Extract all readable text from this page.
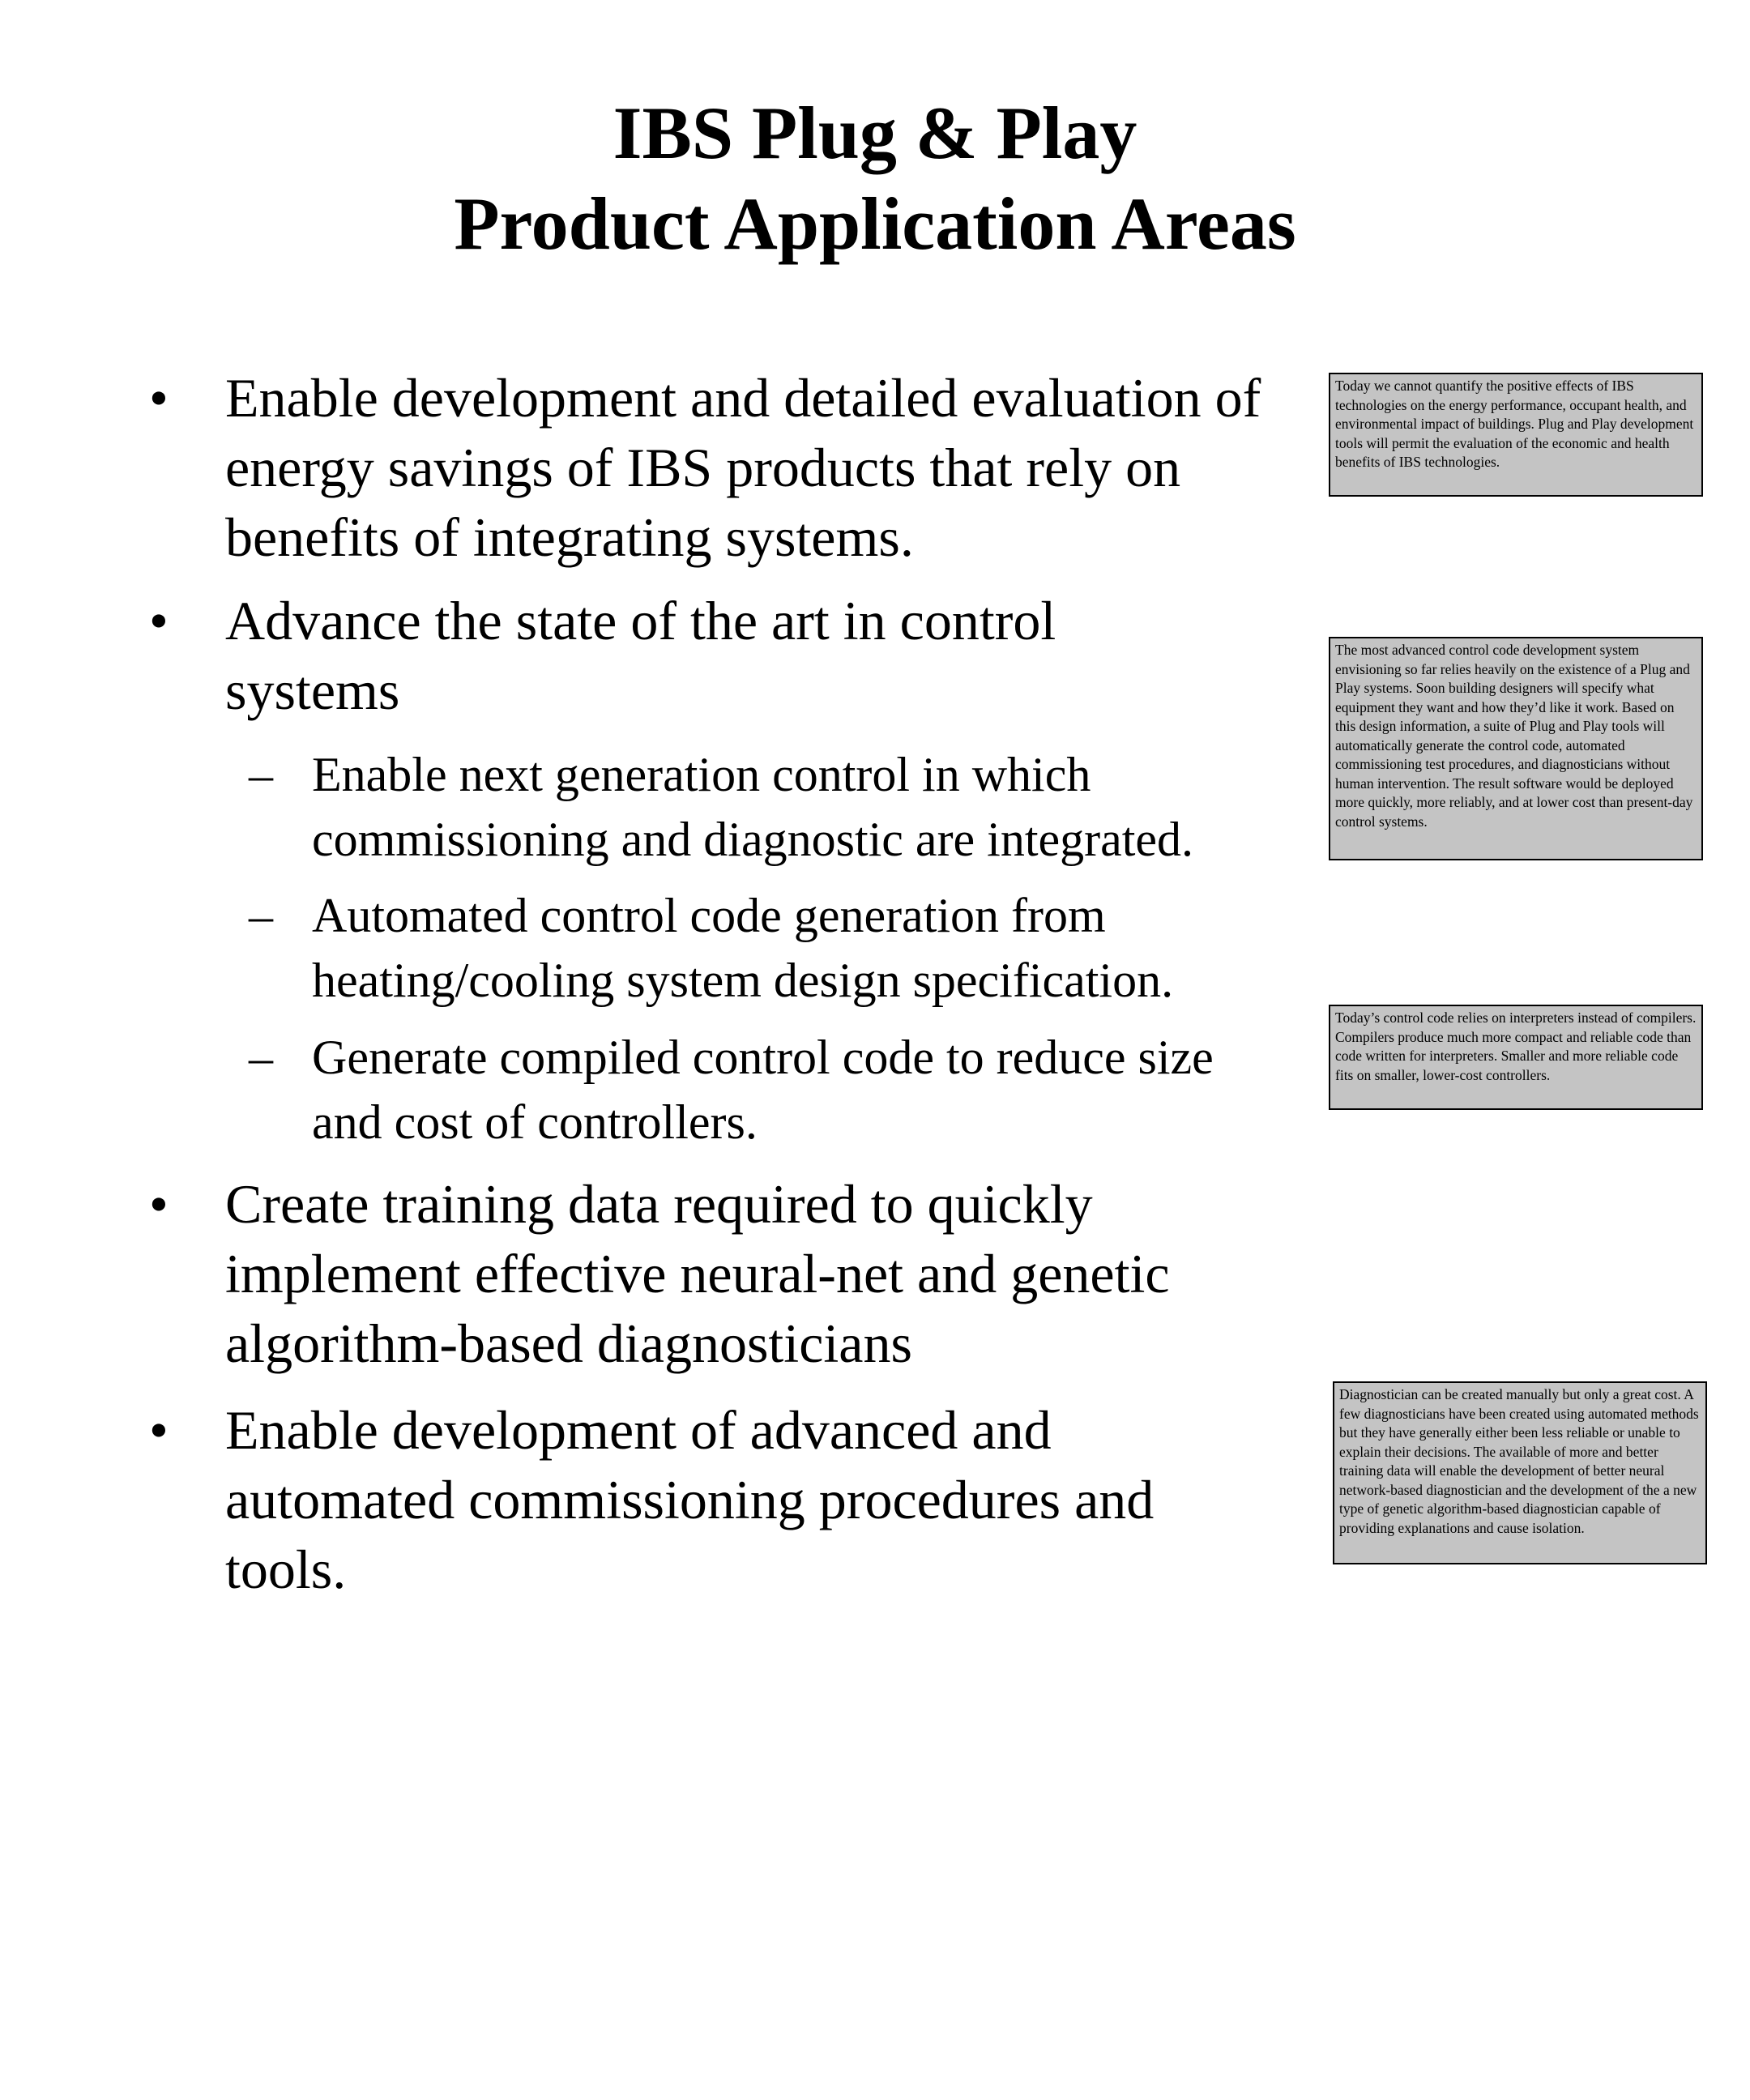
IBS Plug & Play
Product Application Areas
• Enable development and detailed evaluation of energy savings of IBS products that rely on benefits of integrating systems.
• Advance the state of the art in control systems
– Enable next generation control in which commissioning and diagnostic are integrated.
– Automated control code generation from heating/cooling system design specification.
– Generate compiled control code to reduce size and cost of controllers.
• Create training data required to quickly implement effective neural-net and genetic algorithm-based diagnosticians
• Enable development of advanced and automated commissioning procedures and tools.
Today we cannot quantify the positive effects of IBS technologies on the energy performance, occupant health, and environmental impact of buildings. Plug and Play development tools will permit the evaluation of the economic and health benefits of IBS technologies.
The most advanced control code development system envisioning so far relies heavily on the existence of a Plug and Play systems. Soon building designers will specify what equipment they want and how they’d like it work. Based on this design information, a suite of Plug and Play tools will automatically generate the control code, automated commissioning test procedures, and diagnosticians without human intervention. The result software would be deployed more quickly, more reliably, and at lower cost than present-day control systems.
Today’s control code relies on interpreters instead of compilers. Compilers produce much more compact and reliable code than code written for interpreters. Smaller and more reliable code fits on smaller, lower-cost controllers.
Diagnostician can be created manually but only a great cost. A few diagnosticians have been created using automated methods but they have generally either been less reliable or unable to explain their decisions. The available of more and better training data will enable the development of better neural network-based diagnostician and the development of the a new type of genetic algorithm-based diagnostician capable of providing explanations and cause isolation.
